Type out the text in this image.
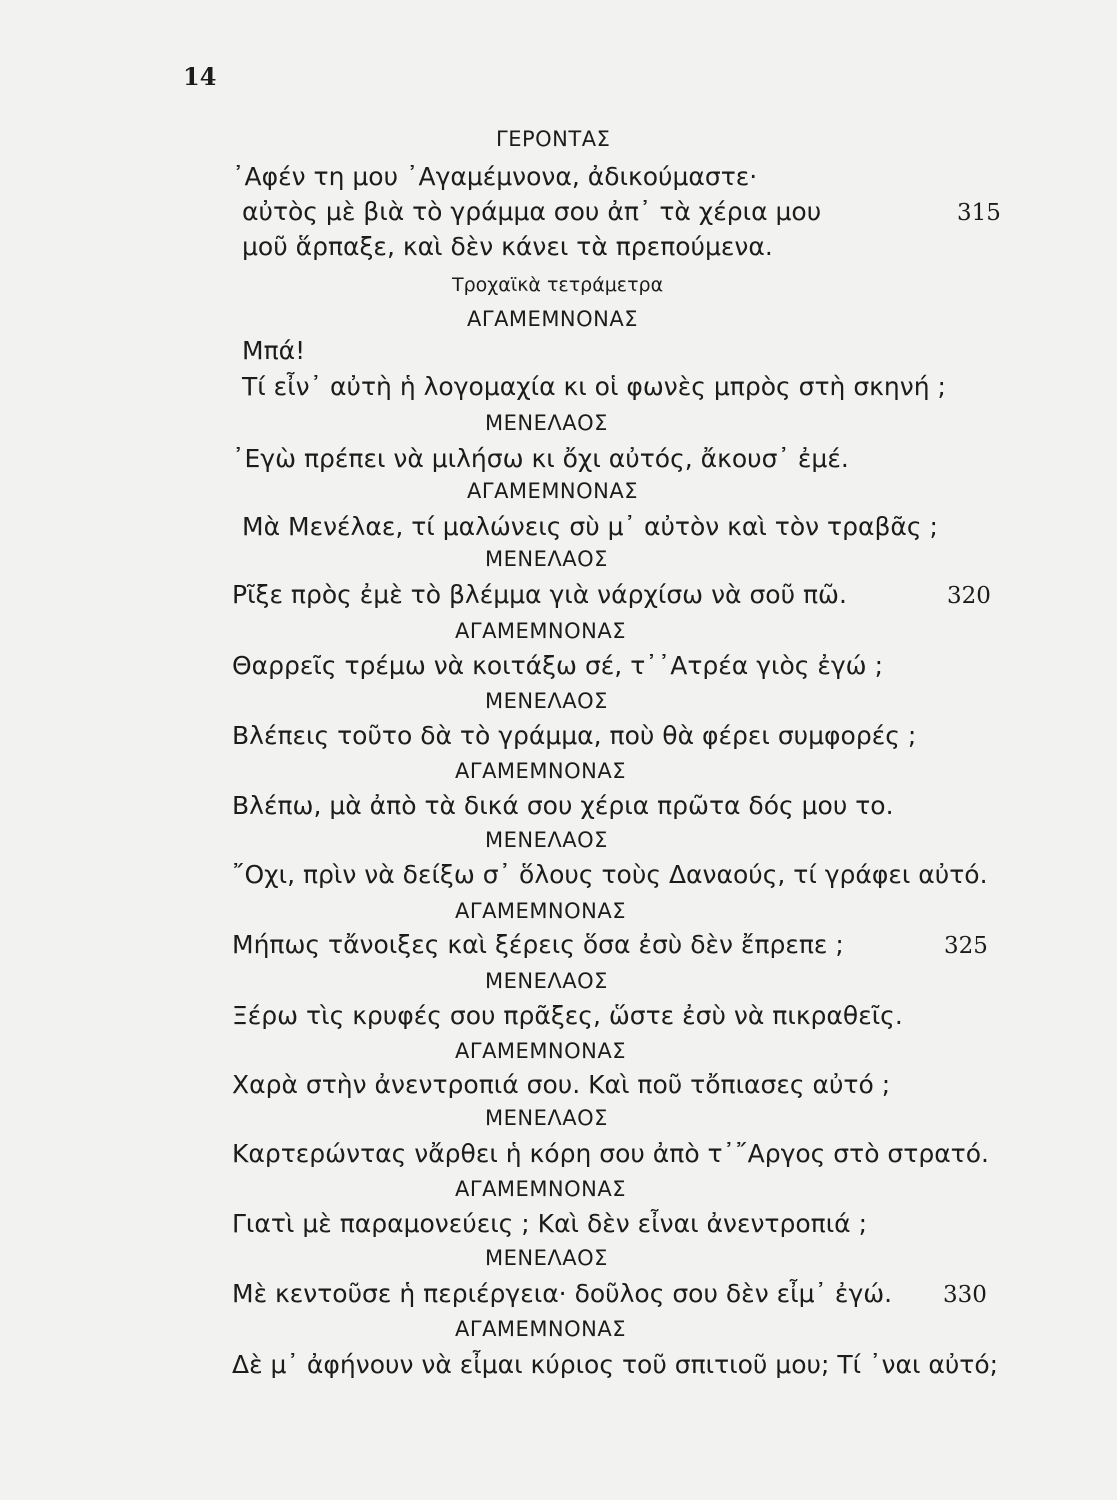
14
ΓΕΡΟΝΤΑΣ
᾿Αφέν τη μου ᾿Αγαμέμνονα, ἀδικούμαστε·
αὐτὸς μὲ βιὰ τὸ γράμμα σου ἀπ᾿ τὰ χέρια μου	315
μοῦ ἅρπαξε, καὶ δὲν κάνει τὰ πρεπούμενα.
Τροχαϊκὰ τετράμετρα
ΑΓΑΜΕΜΝΟΝΑΣ
Μπά!
Τί εἶν᾿ αὐτὴ ἡ λογομαχία κι οἱ φωνὲς μπρὸς στὴ σκηνή ;
ΜΕΝΕΛΑΟΣ
᾿Εγὼ πρέπει νὰ μιλήσω κι ὄχι αὐτός, ἄκουσ᾿ ἐμέ.
ΑΓΑΜΕΜΝΟΝΑΣ
Μὰ Μενέλαε, τί μαλώνεις σὺ μ᾿ αὐτὸν καὶ τὸν τραβᾶς ;
ΜΕΝΕΛΑΟΣ
Ρῖξε πρὸς ἐμὲ τὸ βλέμμα γιὰ νάρχίσω νὰ σοῦ πῶ.	320
ΑΓΑΜΕΜΝΟΝΑΣ
Θαρρεῖς τρέμω νὰ κοιτάξω σέ, τ᾿᾿Ατρέα γιὸς ἐγώ ;
ΜΕΝΕΛΑΟΣ
Βλέπεις τοῦτο δὰ τὸ γράμμα, ποὺ θὰ φέρει συμφορές ;
ΑΓΑΜΕΜΝΟΝΑΣ
Βλέπω, μὰ ἀπὸ τὰ δικά σου χέρια πρῶτα δός μου το.
ΜΕΝΕΛΑΟΣ
῎Οχι, πρὶν νὰ δείξω σ᾿ ὅλους τοὺς Δαναούς, τί γράφει αὐτό.
ΑΓΑΜΕΜΝΟΝΑΣ
Μήπως τἄνοιξες καὶ ξέρεις ὅσα ἐσὺ δὲν ἔπρεπε ;	325
ΜΕΝΕΛΑΟΣ
Ξέρω τὶς κρυφές σου πρᾶξες, ὥστε ἐσὺ νὰ πικραθεῖς.
ΑΓΑΜΕΜΝΟΝΑΣ
Χαρὰ στὴν ἀνεντροπιά σου. Καὶ ποῦ τὄπιασες αὐτό ;
ΜΕΝΕΛΑΟΣ
Καρτερώντας νἄρθει ἡ κόρη σου ἀπὸ τ᾿῎Αργος στὸ στρατό.
ΑΓΑΜΕΜΝΟΝΑΣ
Γιατὶ μὲ παραμονεύεις ; Καὶ δὲν εἶναι ἀνεντροπιά ;
ΜΕΝΕΛΑΟΣ
Μὲ κεντοῦσε ἡ περιέργεια· δοῦλος σου δὲν εἶμ᾿ ἐγώ. 330
ΑΓΑΜΕΜΝΟΝΑΣ
Δὲ μ᾿ ἀφήνουν νὰ εἶμαι κύριος τοῦ σπιτιοῦ μου; Τί ᾿ναι αὐτό;
